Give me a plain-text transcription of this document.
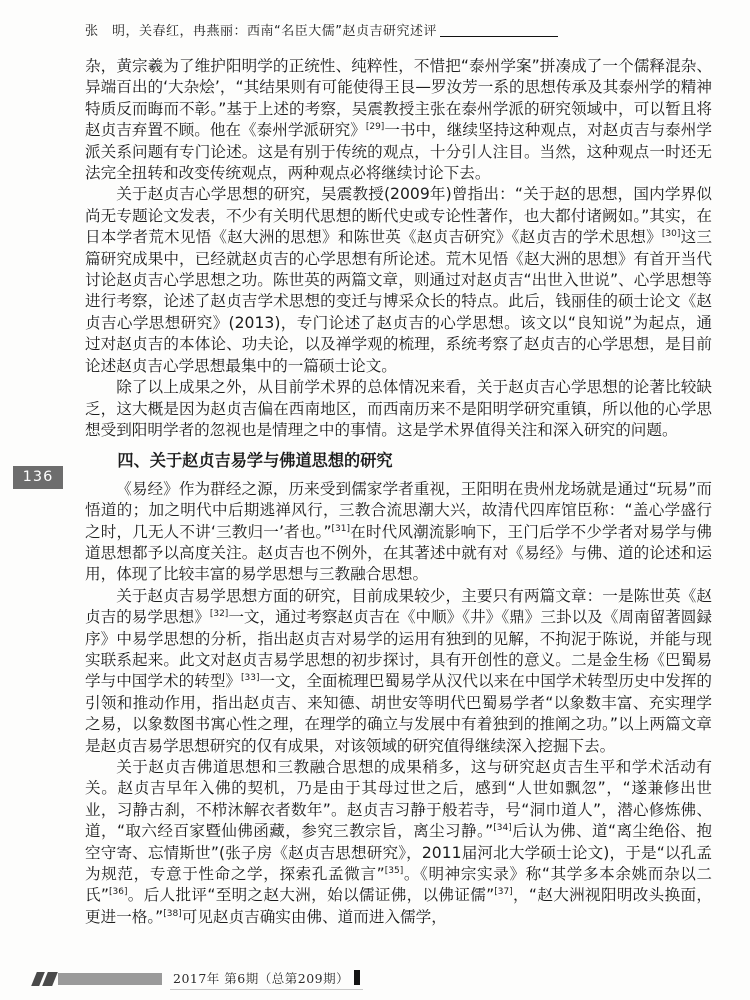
张　明，关春红，冉燕丽：西南“名臣大儒”赵贞吉研究述评

杂，黄宗羲为了维护阳明学的正统性、纯粹性，不惜把“泰州学案”拼凑成了一个儒释混杂、异端百出的‘大杂烩’，“其结果则有可能使得王艮—罗汝芳一系的思想传承及其泰州学的精神特质反而晦而不彰。”基于上述的考察，吴震教授主张在泰州学派的研究领域中，可以暂且将赵贞吉弃置不顾。他在《泰州学派研究》[29]一书中，继续坚持这种观点，对赵贞吉与泰州学派关系问题有专门论述。这是有别于传统的观点，十分引人注目。当然，这种观点一时还无法完全扭转和改变传统观点，两种观点必将继续讨论下去。

关于赵贞吉心学思想的研究，吴震教授(2009年)曾指出：“关于赵的思想，国内学界似尚无专题论文发表，不少有关明代思想的断代史或专论性著作，也大都付诸阙如。”其实，在日本学者荒木见悟《赵大洲的思想》和陈世英《赵贞吉研究》《赵贞吉的学术思想》[30]这三篇研究成果中，已经就赵贞吉的心学思想有所论述。荒木见悟《赵大洲的思想》有首开当代讨论赵贞吉心学思想之功。陈世英的两篇文章，则通过对赵贞吉“出世入世说”、心学思想等进行考察，论述了赵贞吉学术思想的变迁与博采众长的特点。此后，钱丽佳的硕士论文《赵贞吉心学思想研究》(2013)，专门论述了赵贞吉的心学思想。该文以“良知说”为起点，通过对赵贞吉的本体论、功夫论，以及禅学观的梳理，系统考察了赵贞吉的心学思想，是目前论述赵贞吉心学思想最集中的一篇硕士论文。

除了以上成果之外，从目前学术界的总体情况来看，关于赵贞吉心学思想的论著比较缺乏，这大概是因为赵贞吉偏在西南地区，而西南历来不是阳明学研究重镇，所以他的心学思想受到阳明学者的忽视也是情理之中的事情。这是学术界值得关注和深入研究的问题。

四、关于赵贞吉易学与佛道思想的研究

《易经》作为群经之源，历来受到儒家学者重视，王阳明在贵州龙场就是通过“玩易”而悟道的；加之明代中后期逃禅风行，三教合流思潮大兴，故清代四库馆臣称：“盖心学盛行之时，几无人不讲‘三教归一’者也。”[31]在时代风潮流影响下，王门后学不少学者对易学与佛道思想都予以高度关注。赵贞吉也不例外，在其著述中就有对《易经》与佛、道的论述和运用，体现了比较丰富的易学思想与三教融合思想。

关于赵贞吉易学思想方面的研究，目前成果较少，主要只有两篇文章：一是陈世英《赵贞吉的易学思想》[32]一文，通过考察赵贞吉在《中顺》《井》《鼎》三卦以及《周南留著圆録序》中易学思想的分析，指出赵贞吉对易学的运用有独到的见解，不拘泥于陈说，并能与现实联系起来。此文对赵贞吉易学思想的初步探讨，具有开创性的意义。二是金生杨《巴蜀易学与中国学术的转型》[33]一文，全面梳理巴蜀易学从汉代以来在中国学术转型历史中发挥的引领和推动作用，指出赵贞吉、来知德、胡世安等明代巴蜀易学者“以象数丰富、充实理学之易，以象数图书寓心性之理，在理学的确立与发展中有着独到的推阐之功。”以上两篇文章是赵贞吉易学思想研究的仅有成果，对该领域的研究值得继续深入挖掘下去。

关于赵贞吉佛道思想和三教融合思想的成果稍多，这与研究赵贞吉生平和学术活动有关。赵贞吉早年入佛的契机，乃是由于其母过世之后，感到“人世如飘忽”，“遂兼修出世业，习静古刹，不栉沐解衣者数年”。赵贞吉习静于般若寺，号“洞巾道人”，潜心修炼佛、道，“取六经百家暨仙佛函藏，参究三教宗旨，离尘习静。”[34]后认为佛、道“离尘绝俗、抱空守寄、忘情斯世”(张子房《赵贞吉思想研究》，2011届河北大学硕士论文)，于是“以孔孟为规范，专意于性命之学，探索孔孟微言”[35]。《明神宗实录》称“其学多本余姚而杂以二氏”[36]。后人批评“至明之赵大洲，始以儒证佛，以佛证儒”[37]，“赵大洲视阳明改头换面，更进一格。”[38]可见赵贞吉确实由佛、道而进入儒学，

136
2017年 第6期（总第209期）
